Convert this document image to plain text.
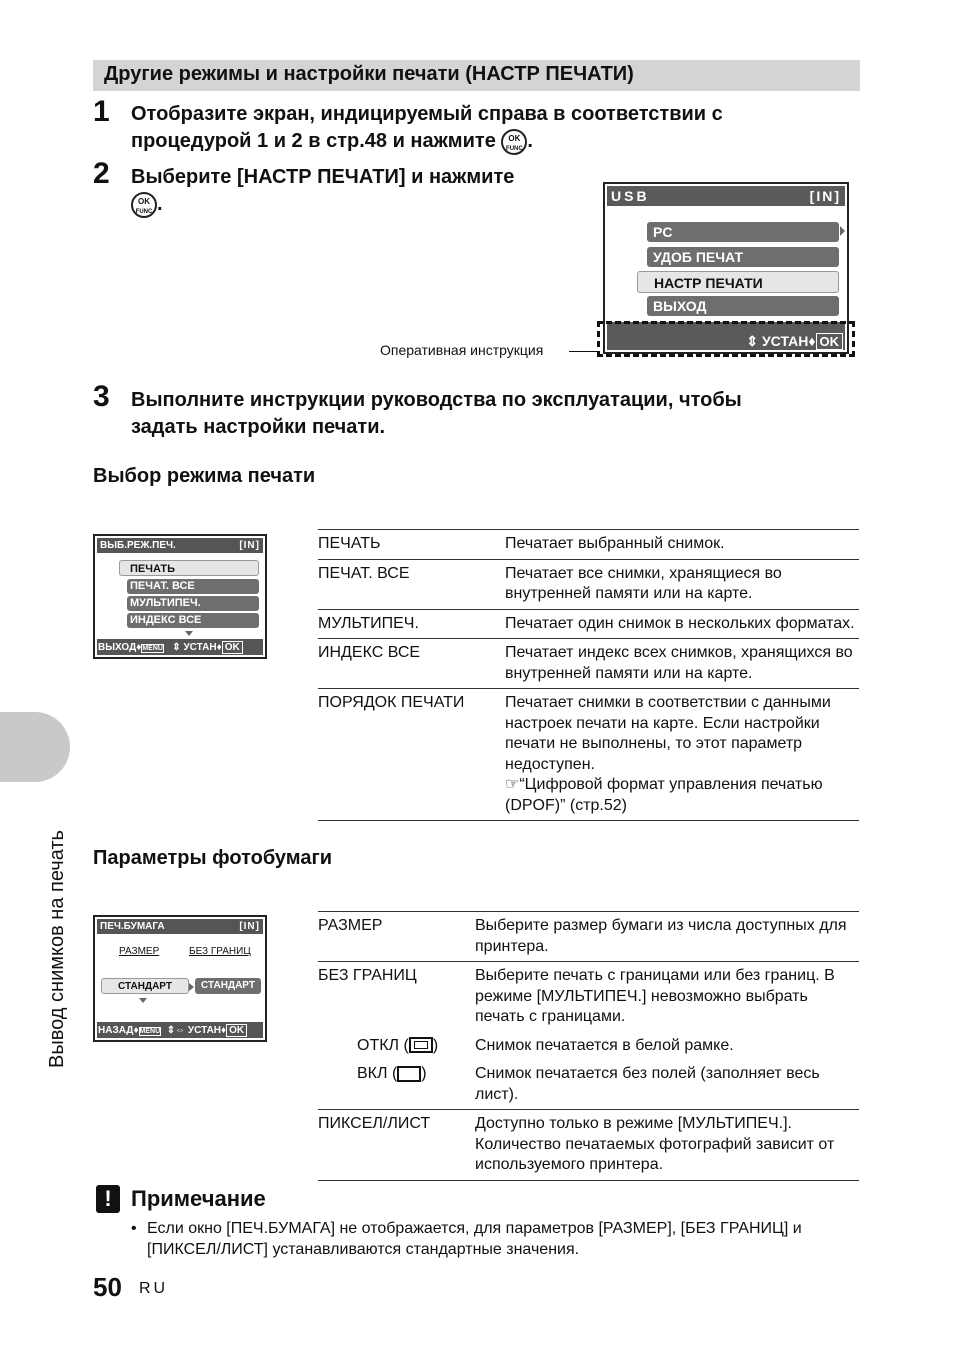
Другие режимы и настройки печати (НАСТР ПЕЧАТИ)
1 Отобразите экран, индицируемый справа в соответствии с
процедурой 1 и 2 в стр.48 и нажмите OK
FUNC .
2 Выберите [НАСТР ПЕЧАТИ] и нажмите
OK
FUNC .	USB	[IN]
PC
УДОБ ПЕЧАТ
НАСТР ПЕЧАТИ
ВЫХОД
⇕ УСТАН♦ OK
Оперативная инструкция
3 Выполните инструкции руководства по эксплуатации, чтобы
задать настройки печати.
Выбор режима печати
ВЫБ.РЕЖ.ПЕЧ.	[IN]
ПЕЧАТЬ
ПЕЧАТ. ВСЕ
МУЛЬТИПЕЧ.
ИНДЕКС ВСЕ
ВЫХОД♦MENU ⇕ УСТАН♦ OK
ПЕЧАТЬ	Печатает выбранный снимок.
ПЕЧАТ. ВСЕ	Печатает все снимки, хранящиеся во внутренней памяти или на карте.
МУЛЬТИПЕЧ.	Печатает один снимок в нескольких форматах.
ИНДЕКС ВСЕ	Печатает индекс всех снимков, хранящихся во внутренней памяти или на карте.
ПОРЯДОК ПЕЧАТИ	Печатает снимки в соответствии с данными настроек печати на карте. Если настройки печати не выполнены, то этот параметр недоступен.
☞“Цифровой формат управления печатью (DPOF)” (стр.52)
Параметры фотобумаги
ПЕЧ.БУМАГА	[IN]
РАЗМЕР	БЕЗ ГРАНИЦ
СТАНДАРТ	СТАНДАРТ
НАЗАД♦MENU ⇕⇔ УСТАН♦ OK
РАЗМЕР	Выберите размер бумаги из числа доступных для принтера.
БЕЗ ГРАНИЦ	Выберите печать с границами или без границ. В режиме [МУЛЬТИПЕЧ.] невозможно выбрать печать с границами.
ОТКЛ ( )	Снимок печатается в белой рамке.
ВКЛ ( )	Снимок печатается без полей (заполняет весь лист).
ПИКСЕЛ/ЛИСТ	Доступно только в режиме [МУЛЬТИПЕЧ.]. Количество печатаемых фотографий зависит от используемого принтера.
! Примечание
• Если окно [ПЕЧ.БУМАГА] не отображается, для параметров [РАЗМЕР], [БЕЗ ГРАНИЦ] и [ПИКСЕЛ/ЛИСТ] устанавливаются стандартные значения.
Вывод снимков на печать
50 RU
